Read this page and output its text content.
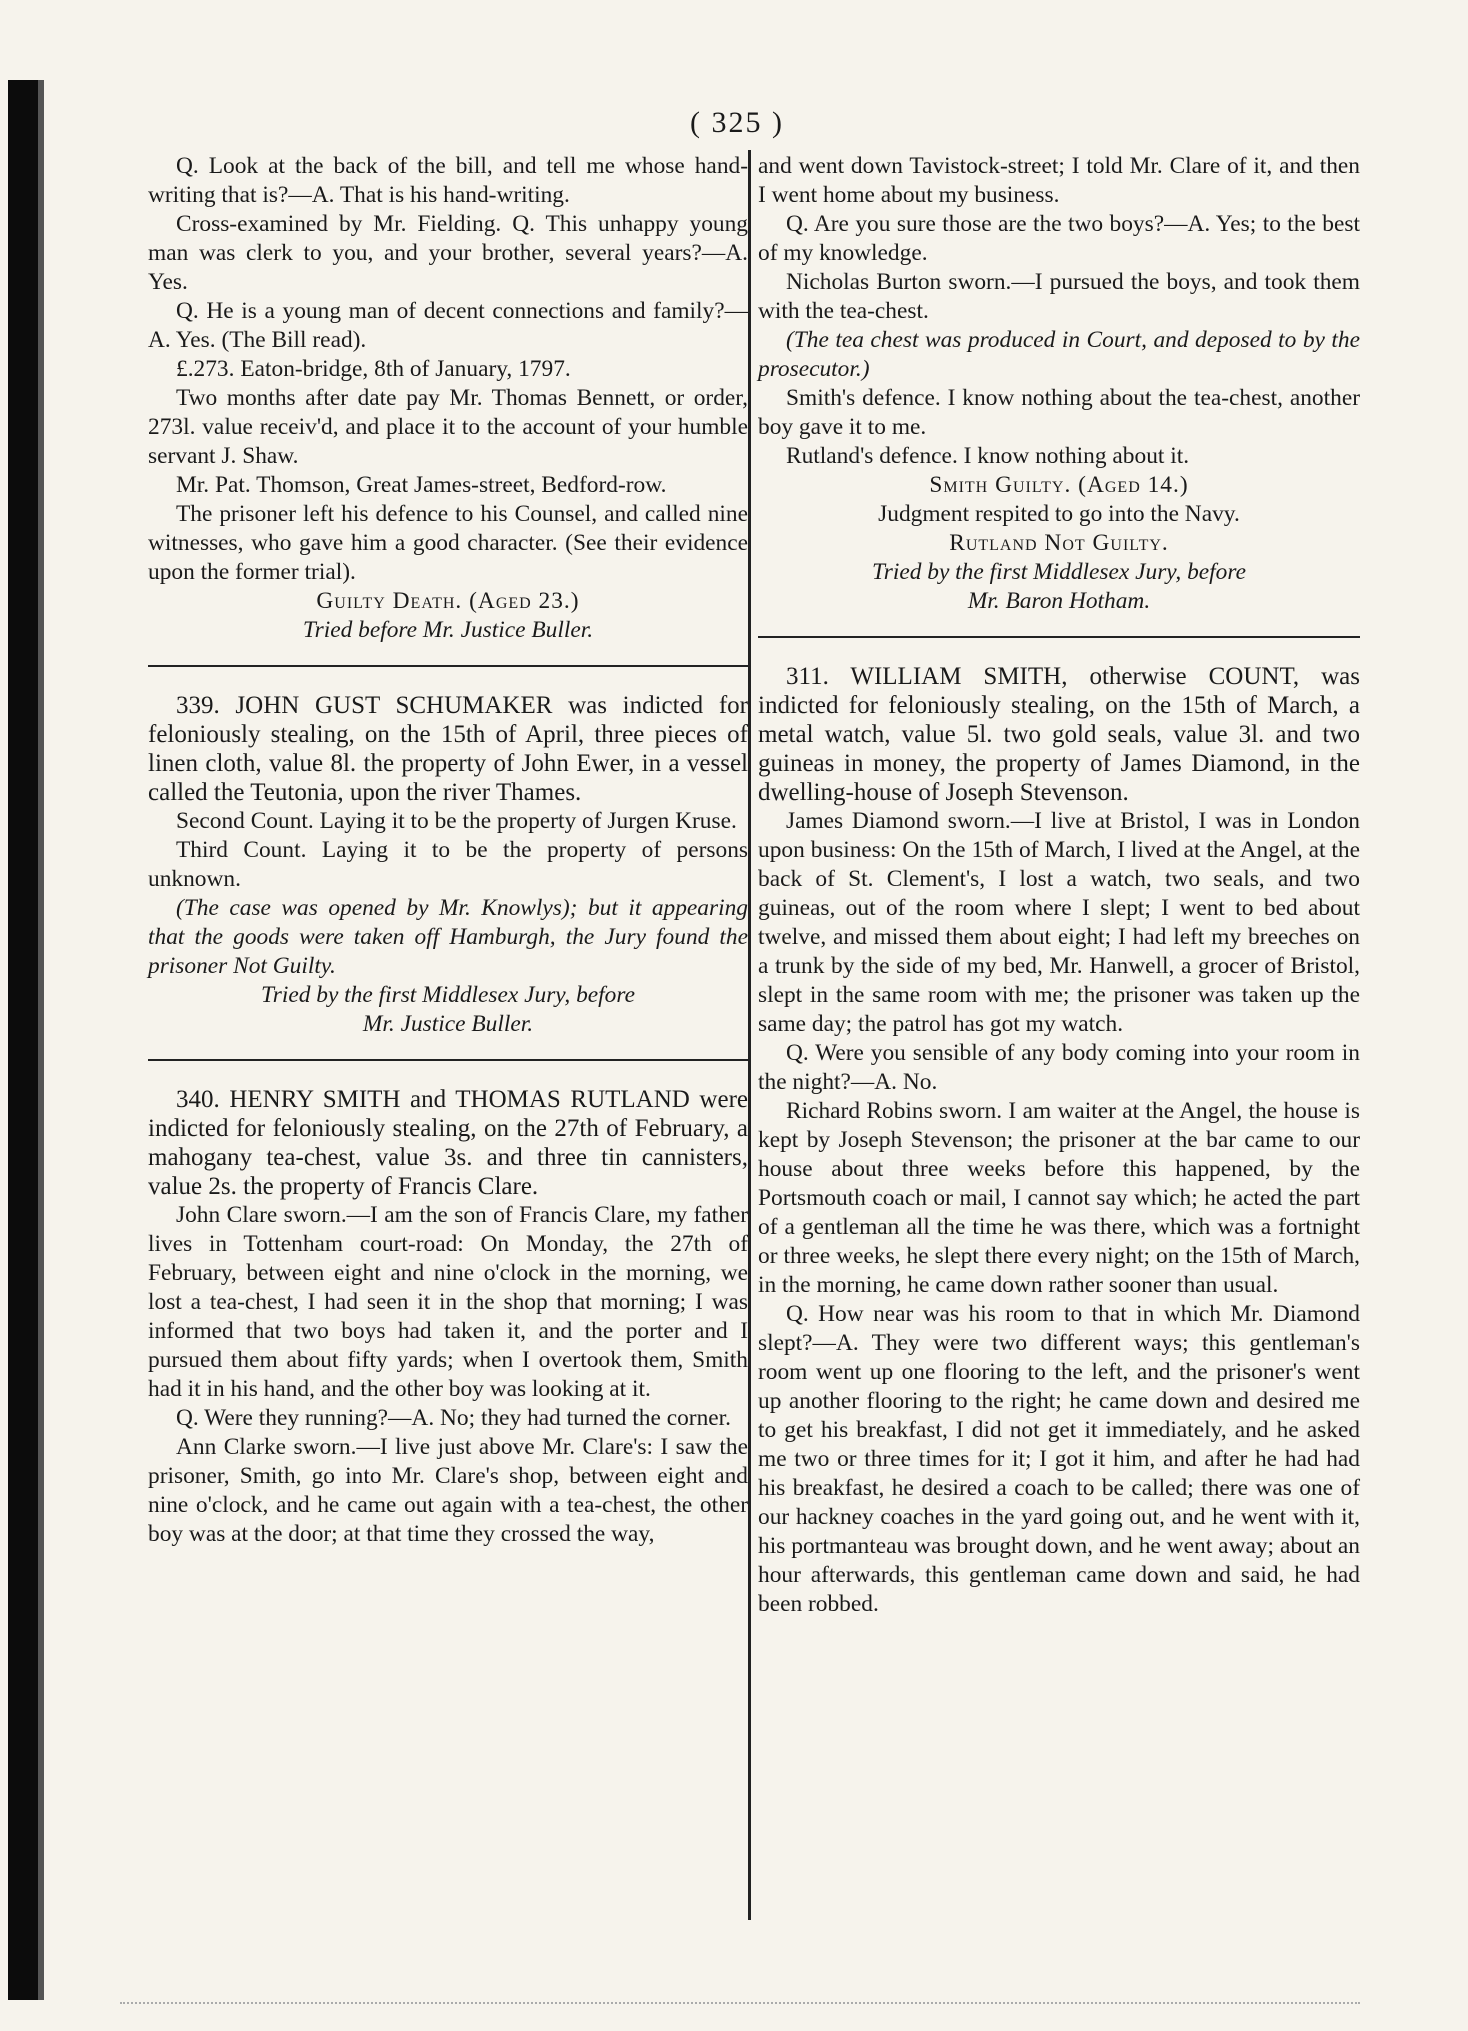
( 325 )

Q. Look at the back of the bill, and tell me whose hand-writing that is?—A. That is his hand-writing.

Cross-examined by Mr. Fielding. Q. This unhappy young man was clerk to you, and your brother, several years?—A. Yes.

Q. He is a young man of decent connections and family?—A. Yes. (The Bill read).

£.273. Eaton-bridge, 8th of January, 1797.

Two months after date pay Mr. Thomas Bennett, or order, 273l. value receiv'd, and place it to the account of your humble servant J. Shaw.

Mr. Pat. Thomson, Great James-street, Bedford-row.

The prisoner left his defence to his Counsel, and called nine witnesses, who gave him a good character. (See their evidence upon the former trial).

Guilty Death. (Aged 23.)

Tried before Mr. Justice Buller.

339. JOHN GUST SCHUMAKER was indicted for feloniously stealing, on the 15th of April, three pieces of linen cloth, value 8l. the property of John Ewer, in a vessel called the Teutonia, upon the river Thames.

Second Count. Laying it to be the property of Jurgen Kruse.

Third Count. Laying it to be the property of persons unknown.

(The case was opened by Mr. Knowlys); but it appearing that the goods were taken off Hamburgh, the Jury found the prisoner Not Guilty.

Tried by the first Middlesex Jury, before

Mr. Justice Buller.

340. HENRY SMITH and THOMAS RUTLAND were indicted for feloniously stealing, on the 27th of February, a mahogany tea-chest, value 3s. and three tin cannisters, value 2s. the property of Francis Clare.

John Clare sworn.—I am the son of Francis Clare, my father lives in Tottenham court-road: On Monday, the 27th of February, between eight and nine o'clock in the morning, we lost a tea-chest, I had seen it in the shop that morning; I was informed that two boys had taken it, and the porter and I pursued them about fifty yards; when I overtook them, Smith had it in his hand, and the other boy was looking at it.

Q. Were they running?—A. No; they had turned the corner.

Ann Clarke sworn.—I live just above Mr. Clare's: I saw the prisoner, Smith, go into Mr. Clare's shop, between eight and nine o'clock, and he came out again with a tea-chest, the other boy was at the door; at that time they crossed the way,

and went down Tavistock-street; I told Mr. Clare of it, and then I went home about my business.

Q. Are you sure those are the two boys?—A. Yes; to the best of my knowledge.

Nicholas Burton sworn.—I pursued the boys, and took them with the tea-chest.

(The tea chest was produced in Court, and deposed to by the prosecutor.)

Smith's defence. I know nothing about the tea-chest, another boy gave it to me.

Rutland's defence. I know nothing about it.

Smith Guilty. (Aged 14.)

Judgment respited to go into the Navy.

Rutland Not Guilty.

Tried by the first Middlesex Jury, before

Mr. Baron Hotham.

311. WILLIAM SMITH, otherwise COUNT, was indicted for feloniously stealing, on the 15th of March, a metal watch, value 5l. two gold seals, value 3l. and two guineas in money, the property of James Diamond, in the dwelling-house of Joseph Stevenson.

James Diamond sworn.—I live at Bristol, I was in London upon business: On the 15th of March, I lived at the Angel, at the back of St. Clement's, I lost a watch, two seals, and two guineas, out of the room where I slept; I went to bed about twelve, and missed them about eight; I had left my breeches on a trunk by the side of my bed, Mr. Hanwell, a grocer of Bristol, slept in the same room with me; the prisoner was taken up the same day; the patrol has got my watch.

Q. Were you sensible of any body coming into your room in the night?—A. No.

Richard Robins sworn. I am waiter at the Angel, the house is kept by Joseph Stevenson; the prisoner at the bar came to our house about three weeks before this happened, by the Portsmouth coach or mail, I cannot say which; he acted the part of a gentleman all the time he was there, which was a fortnight or three weeks, he slept there every night; on the 15th of March, in the morning, he came down rather sooner than usual.

Q. How near was his room to that in which Mr. Diamond slept?—A. They were two different ways; this gentleman's room went up one flooring to the left, and the prisoner's went up another flooring to the right; he came down and desired me to get his breakfast, I did not get it immediately, and he asked me two or three times for it; I got it him, and after he had had his breakfast, he desired a coach to be called; there was one of our hackney coaches in the yard going out, and he went with it, his portmanteau was brought down, and he went away; about an hour afterwards, this gentleman came down and said, he had been robbed.
